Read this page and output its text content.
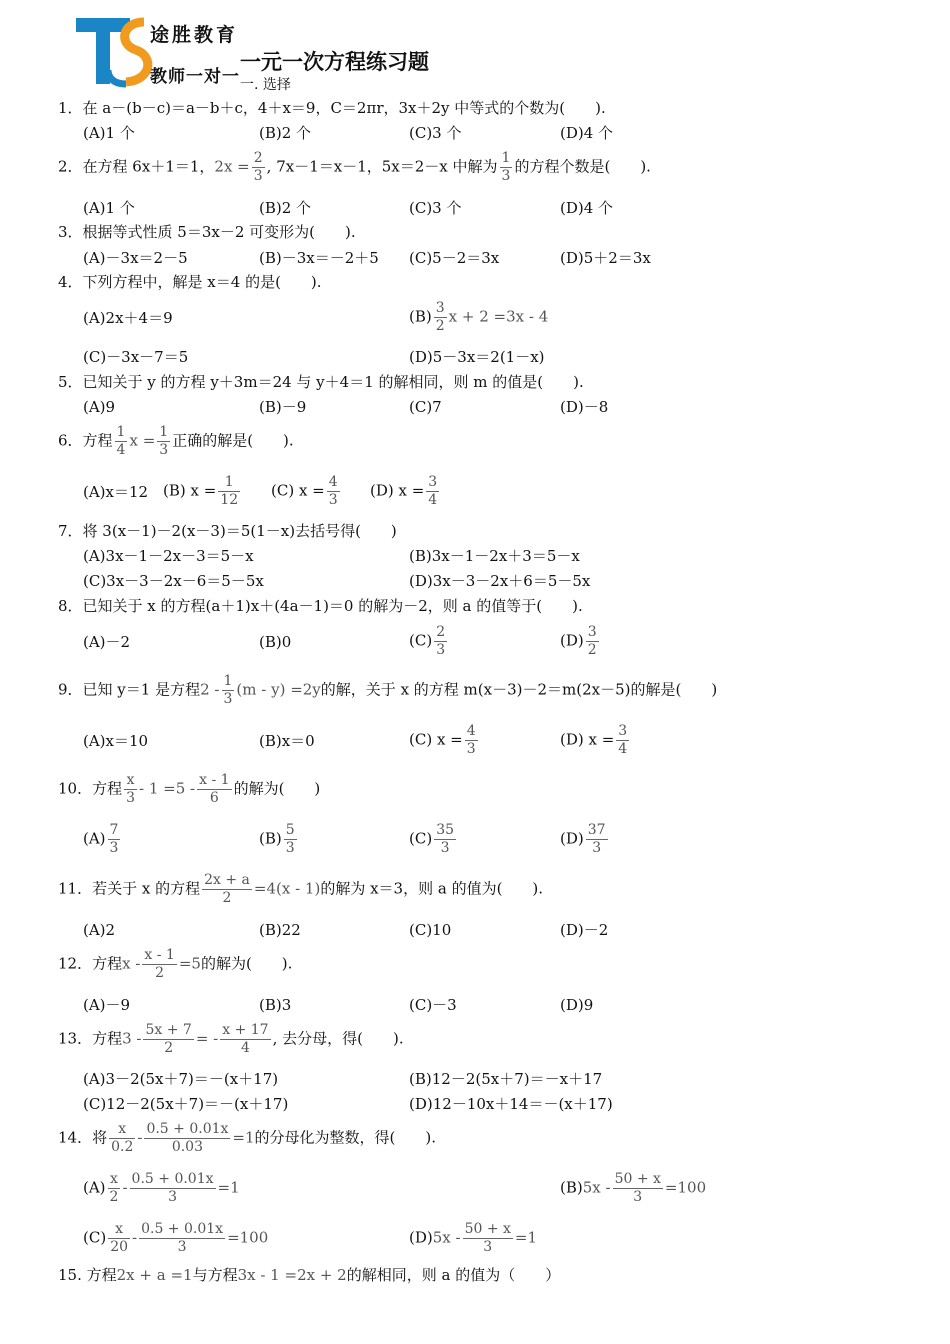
途胜教育
教师一对一
一元一次方程练习题
一. 选择
1．在 a－(b－c)＝a－b＋c，4＋x＝9，C＝2πr，3x＋2y 中等式的个数为(　　).
(A)1 个	(B)2 个	(C)3 个	(D)4 个
2．在方程 6x＋1＝1，$2x = \frac{2}{3}$ , 7x－1＝x－1，5x＝2－x 中解为 $\frac{1}{3}$ 的方程个数是(　　).
(A)1 个	(B)2 个	(C)3 个	(D)4 个
3．根据等式性质 5＝3x－2 可变形为(　　).
(A)－3x＝2－5	(B)－3x＝－2＋5 (C)5－2＝3x	(D)5＋2＝3x
4．下列方程中，解是 x＝4 的是(　　).
(A)2x＋4＝9	$(B) \frac{3}{2}$ x + 2 =3x - 4
(C)－3x－7＝5	(D)5－3x＝2(1－x)
5．已知关于 y 的方程 y＋3m＝24 与 y＋4＝1 的解相同，则 m 的值是(　　).
(A)9	(B)－9	(C)7	(D)－8
6．方程 $\frac{1}{4}$ $x = \frac{1}{3}$ 正确的解是(　　).
(A)x＝12 (B) $x = \frac{1}{12} (C) x = \frac{4}{3} (D) x = \frac{3}{4}$
7．将 3(x－1)－2(x－3)＝5(1－x)去括号得(　　)
(A)3x－1－2x－3＝5－x	(B)3x－1－2x＋3＝5－x
(C)3x－3－2x－6＝5－5x	(D)3x－3－2x＋6＝5－5x
8．已知关于 x 的方程(a＋1)x＋(4a－1)＝0 的解为－2，则 a 的值等于(　　).
(A)－2	(B)0	$(C) \frac{2}{3}$	$(D) \frac{3}{2}$
9．已知 y＝1 是方程$2 - \frac{1}{3} (m - y) =2y$的解，关于 x 的方程 m(x－3)－2＝m(2x－5)的解是(　　)
(A)x＝10	(B)x＝0	(C) $x = \frac{4}{3}$	(D) $x = \frac{3}{4}$
10．方程 $\frac{x}{3} - 1 =5 - \frac{x - 1}{6}$ 的解为(　　)
$(A) \frac{7}{3}$	$(B) \frac{5}{3}$	$(C) \frac{35}{3}$	$(D) \frac{37}{3}$
11．若关于 x 的方程 $\frac{2x + a}{2} =4(x - 1)$的解为 x＝3，则 a 的值为(　　).
(A)2	(B)22	(C)10	(D)－2
12．方程$x - \frac{x - 1}{2} =5$的解为(　　).
(A)－9	(B)3	(C)－3	(D)9
13．方程$3 - \frac{5x + 7}{2}$ = - $\frac{x + 17}{4}$ , 去分母，得(　　).
(A)3－2(5x＋7)＝－(x＋17)	(B)12－2(5x＋7)＝－x＋17
(C)12－2(5x＋7)＝－(x＋17)	(D)12－10x＋14＝－(x＋17)
14．将 $\frac{x}{0.2} - \frac{0.5 + 0.01x}{0.03} =1$的分母化为整数，得(　　).
$(A) \frac{x}{2} - \frac{0.5 + 0.01x}{3} =1$	$(B)5x - \frac{50 + x}{3} =100$
$(C) \frac{x}{20} - \frac{0.5 + 0.01x}{3} =100$	$(D)5x - \frac{50 + x}{3} =1$
15. 方程2x + a =1与方程3x - 1 =2x + 2的解相同，则 a 的值为（　　）
